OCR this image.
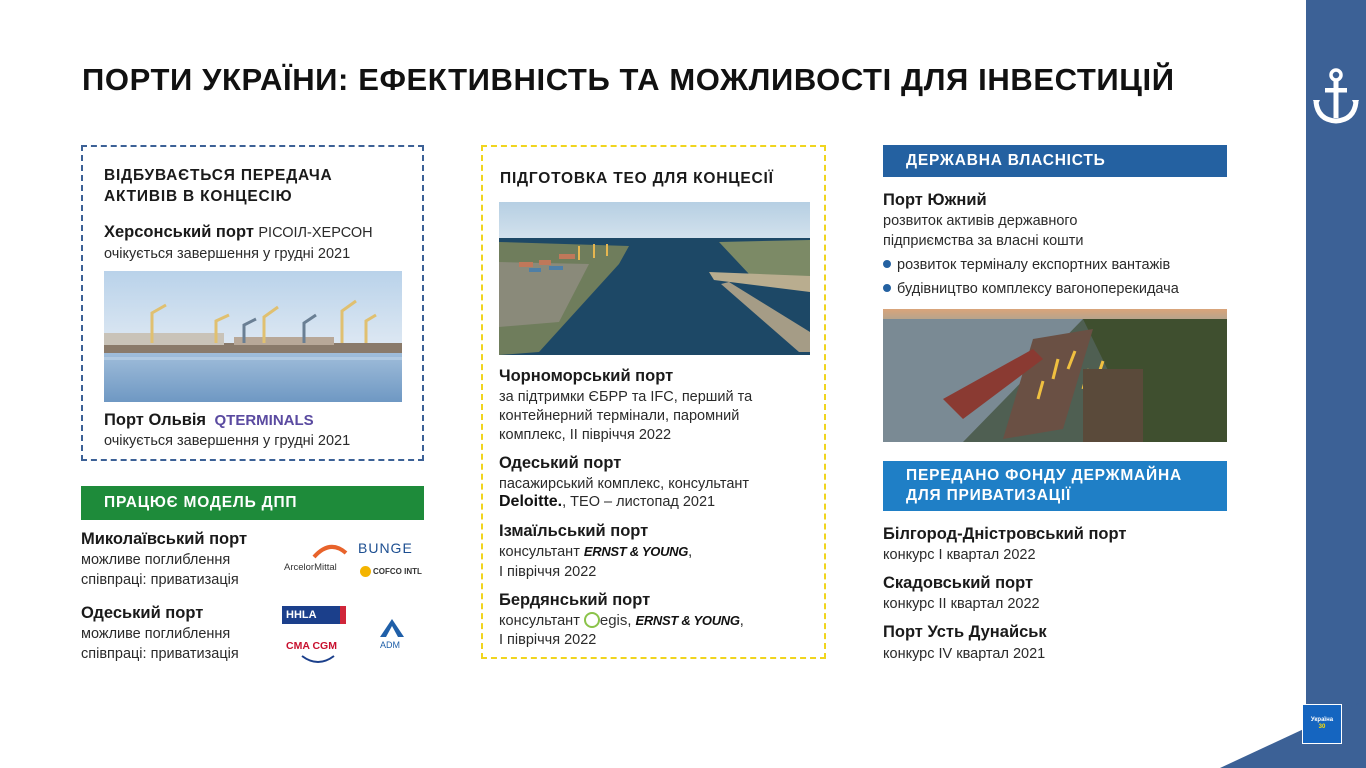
ПОРТИ УКРАЇНИ: ЕФЕКТИВНІСТЬ ТА МОЖЛИВОСТІ ДЛЯ ІНВЕСТИЦІЙ
Україна
30
ВІДБУВАЄТЬСЯ ПЕРЕДАЧА
АКТИВІВ В КОНЦЕСІЮ
Херсонський порт РІСОІЛ-ХЕРСОН
очікується завершення у грудні 2021
Порт Ольвія QTERMINALS
очікується завершення у грудні 2021
ПРАЦЮЄ МОДЕЛЬ ДПП
Миколаївський порт
можливе поглиблення
співпраці: приватизація
Одеський порт
можливе поглиблення
співпраці: приватизація
ArcelorMittal
BUNGE
COFCO INTL
HHLA
CMA CGM	ADM
ПІДГОТОВКА ТЕО ДЛЯ КОНЦЕСІЇ
Чорноморський порт
за підтримки ЄБРР та IFC, перший та
контейнерний термінали, паромний
комплекс, ІІ півріччя 2022
Одеський порт
пасажирський комплекс, консультант
Deloitte., ТЕО – листопад 2021
Ізмаїльський порт
консультант ERNST & YOUNG,
І півріччя 2022
Бердянський порт
консультант egis, ERNST & YOUNG,
І півріччя 2022
ДЕРЖАВНА ВЛАСНІСТЬ
Порт Южний
розвиток активів державного
підприємства за власні кошти
розвиток терміналу експортних вантажів
будівництво комплексу вагоноперекидача
ПЕРЕДАНО ФОНДУ ДЕРЖМАЙНА
ДЛЯ ПРИВАТИЗАЦІЇ
Білгород-Дністровський порт
конкурс І квартал 2022
Скадовський порт
конкурс ІІ квартал 2022
Порт Усть Дунайськ
конкурс IV квартал 2021
